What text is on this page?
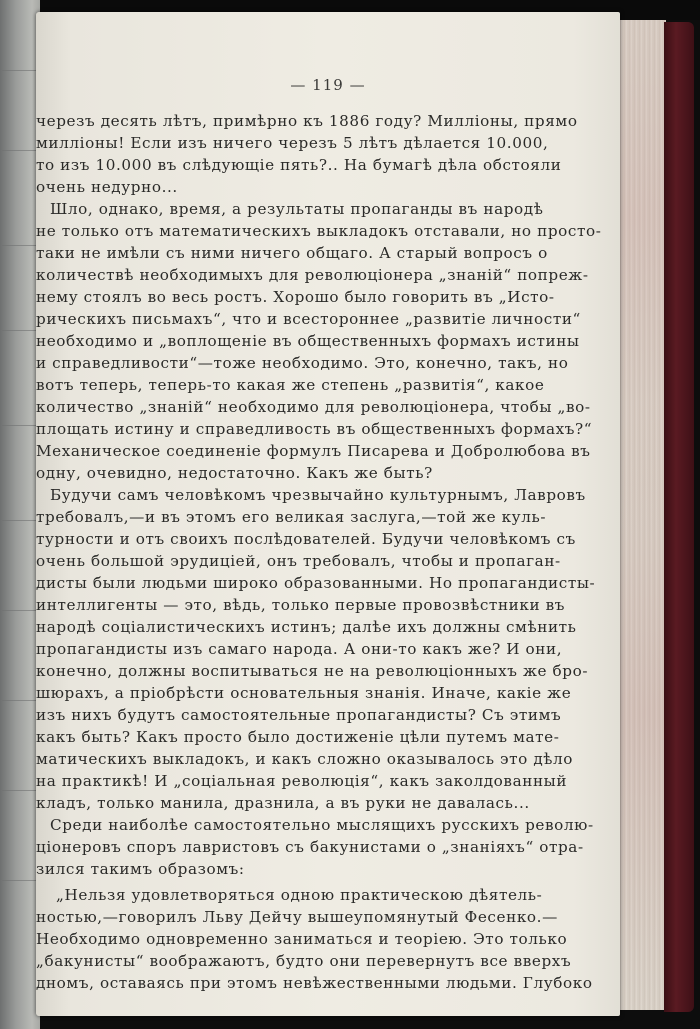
— 119 —
черезъ десять лѣтъ, примѣрно къ 1886 году? Милліоны, прямо
милліоны! Если изъ ничего черезъ 5 лѣтъ дѣлается 10.000,
то изъ 10.000 въ слѣдующіе пять?.. На бумагѣ дѣла обстояли
очень недурно...
Шло, однако, время, а результаты пропаганды въ народѣ
не только отъ математическихъ выкладокъ отставали, но просто-
таки не имѣли съ ними ничего общаго. А старый вопросъ о
количествѣ необходимыхъ для революціонера „знаній“ попреж-
нему стоялъ во весь ростъ. Хорошо было говорить въ „Исто-
рическихъ письмахъ“, что и всестороннее „развитіе личности“
необходимо и „воплощеніе въ общественныхъ формахъ истины
и справедливости“—тоже необходимо. Это, конечно, такъ, но
вотъ теперь, теперь-то какая же степень „развитія“, какое
количество „знаній“ необходимо для революціонера, чтобы „во-
площать истину и справедливость въ общественныхъ формахъ?“
Механическое соединеніе формулъ Писарева и Добролюбова въ
одну, очевидно, недостаточно. Какъ же быть?
Будучи самъ человѣкомъ чрезвычайно культурнымъ, Лавровъ
требовалъ,—и въ этомъ его великая заслуга,—той же куль-
турности и отъ своихъ послѣдователей. Будучи человѣкомъ съ
очень большой эрудиціей, онъ требовалъ, чтобы и пропаган-
дисты были людьми широко образованными. Но пропагандисты-
интеллигенты — это, вѣдь, только первые провозвѣстники въ
народѣ соціалистическихъ истинъ; далѣе ихъ должны смѣнить
пропагандисты изъ самаго народа. А они-то какъ же? И они,
конечно, должны воспитываться не на революціонныхъ же бро-
шюрахъ, а пріобрѣсти основательныя знанія. Иначе, какіе же
изъ нихъ будутъ самостоятельные пропагандисты? Съ этимъ
какъ быть? Какъ просто было достиженіе цѣли путемъ мате-
матическихъ выкладокъ, и какъ сложно оказывалось это дѣло
на практикѣ! И „соціальная революція“, какъ заколдованный
кладъ, только манила, дразнила, а въ руки не давалась...
Среди наиболѣе самостоятельно мыслящихъ русскихъ револю-
ціонеровъ споръ лавристовъ съ бакунистами о „знаніяхъ“ отра-
зился такимъ образомъ:
„Нельзя удовлетворяться одною практическою дѣятель-
ностью,—говорилъ Льву Дейчу вышеупомянутый Фесенко.—
Необходимо одновременно заниматься и теоріею. Это только
„бакунисты“ воображаютъ, будто они перевернутъ все вверхъ
дномъ, оставаясь при этомъ невѣжественными людьми. Глубоко
